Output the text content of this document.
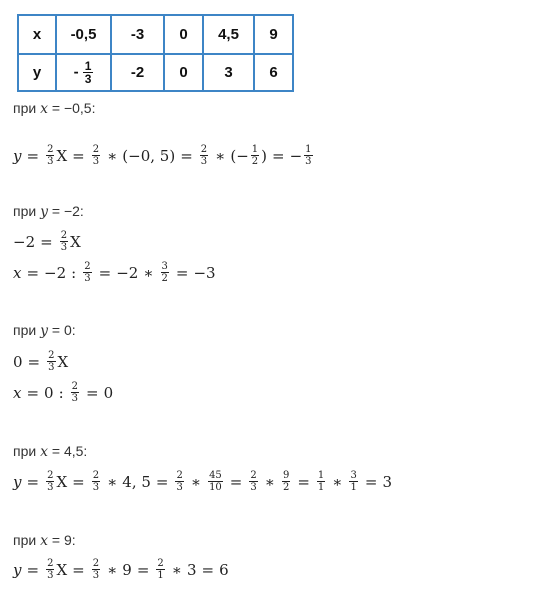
x	-0,5	-3	0	4,5	9
y	- $\frac{1}{3}$	-2	0	3	6
при x = −0,5:
$y = \frac{2}{3}$ $X = \frac{2}{3}$ ∗ (−0, $5) = \frac{2}{3}$ ∗ (− $\frac{1}{2}$ ) = − $\frac{1}{3}$
при y = −2:
$-2 = \frac{2}{3}$ X
x = −2 : $\frac{2}{3} = -2$ ∗ $\frac{3}{2} = -3$
при y = 0:
$0 = \frac{2}{3}$ X
x = 0 : $\frac{2}{3} = 0$
при x = 4,5:
$y = \frac{2}{3}$ $X = \frac{2}{3}$ ∗ 4, $5 = \frac{2}{3}$ ∗ $\frac{45}{10} = \frac{2}{3}$ ∗ $\frac{9}{2} = \frac{1}{1}$ ∗ $\frac{3}{1} = 3$
при x = 9:
$y = \frac{2}{3}$ $X = \frac{2}{3}$ ∗ $9 = \frac{2}{1}$ ∗ 3 = 6
